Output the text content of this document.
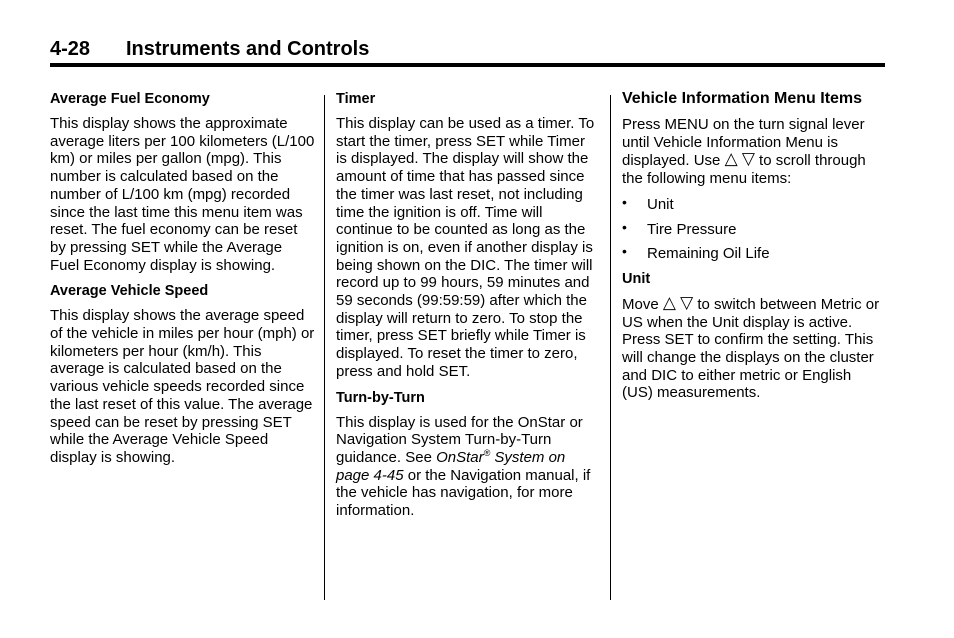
4-28 Instruments and Controls
Average Fuel Economy

This display shows the approximate average liters per 100 kilometers (L/100 km) or miles per gallon (mpg). This number is calculated based on the number of L/100 km (mpg) recorded since the last time this menu item was reset. The fuel economy can be reset by pressing SET while the Average Fuel Economy display is showing.

Average Vehicle Speed

This display shows the average speed of the vehicle in miles per hour (mph) or kilometers per hour (km/h). This average is calculated based on the various vehicle speeds recorded since the last reset of this value. The average speed can be reset by pressing SET while the Average Vehicle Speed display is showing.

Timer

This display can be used as a timer. To start the timer, press SET while Timer is displayed. The display will show the amount of time that has passed since the timer was last reset, not including time the ignition is off. Time will continue to be counted as long as the ignition is on, even if another display is being shown on the DIC. The timer will record up to 99 hours, 59 minutes and 59 seconds (99:59:59) after which the display will return to zero. To stop the timer, press SET briefly while Timer is displayed. To reset the timer to zero, press and hold SET.

Turn-by-Turn

This display is used for the OnStar or Navigation System Turn-by-Turn guidance. See OnStar® System on page 4-45 or the Navigation manual, if the vehicle has navigation, for more information.

Vehicle Information Menu Items

Press MENU on the turn signal lever until Vehicle Information Menu is displayed. Use △ ▽ to scroll through the following menu items:

• Unit
• Tire Pressure
• Remaining Oil Life
Unit

Move △ ▽ to switch between Metric or US when the Unit display is active. Press SET to confirm the setting. This will change the displays on the cluster and DIC to either metric or English (US) measurements.
